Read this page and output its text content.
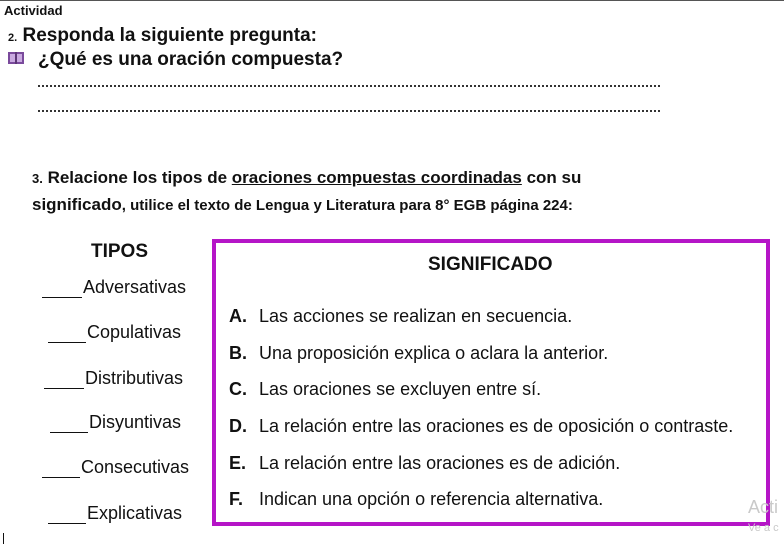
Actividad
2. Responda la siguiente pregunta:
¿Qué es una oración compuesta?
3. Relacione los tipos de oraciones compuestas coordinadas con su
significado, utilice el texto de Lengua y Literatura para 8° EGB página 224:
TIPOS
Adversativas
Copulativas
Distributivas
Disyuntivas
Consecutivas
Explicativas
SIGNIFICADO
A. Las acciones se realizan en secuencia.
B. Una proposición explica o aclara la anterior.
C. Las oraciones se excluyen entre sí.
D. La relación entre las oraciones es de oposición o contraste.
E. La relación entre las oraciones es de adición.
F. Indican una opción o referencia alternativa.	Acti
Ve a c
